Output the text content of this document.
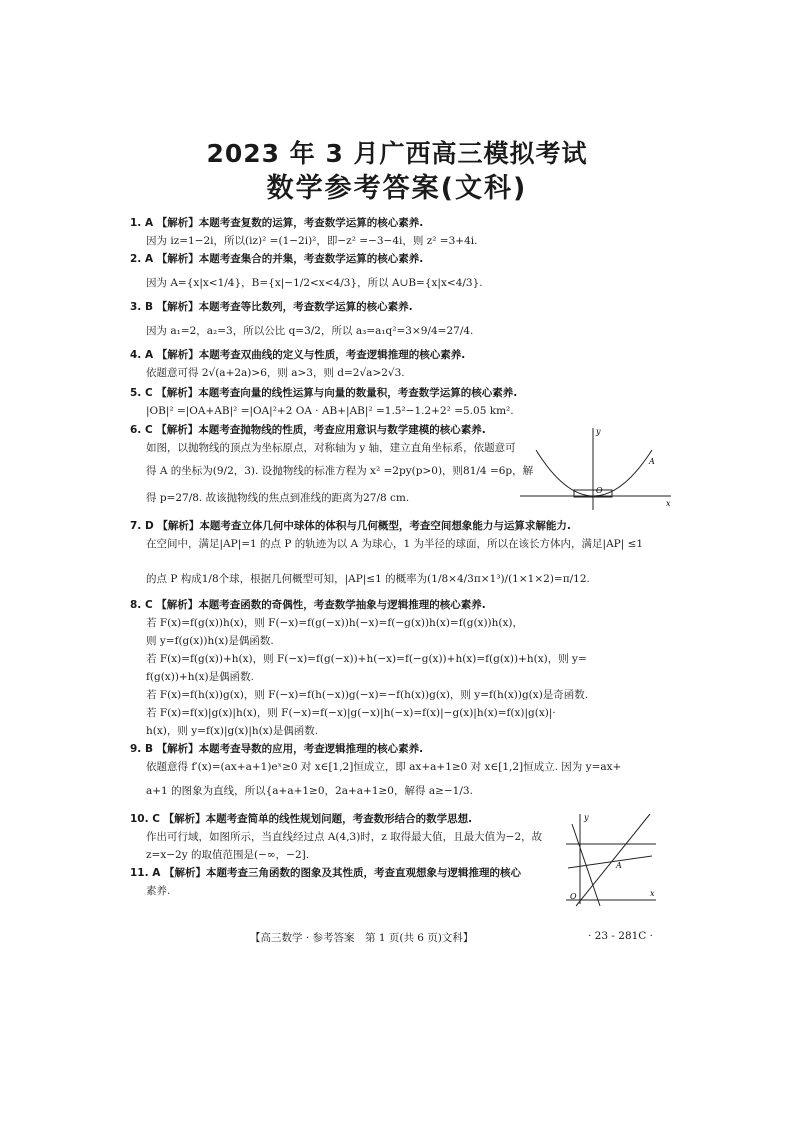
2023 年 3 月广西高三模拟考试
数学参考答案(文科)
1. A 【解析】本题考查复数的运算，考查数学运算的核心素养.
因为 iz=1−2i，所以(iz)² =(1−2i)²，即−z² =−3−4i，则 z² =3+4i.
2. A 【解析】本题考查集合的并集，考查数学运算的核心素养.
因为 A={x|x<1/4}，B={x|−1/2<x<4/3}，所以 A∪B={x|x<4/3}.
3. B 【解析】本题考查等比数列，考查数学运算的核心素养.
因为 a₁=2，a₂=3，所以公比 q=3/2，所以 a₃=a₁q²=3×9/4=27/4.
4. A 【解析】本题考查双曲线的定义与性质，考查逻辑推理的核心素养.
依题意可得 2√(a+2a)>6，则 a>3，则 d=2√a>2√3.
5. C 【解析】本题考查向量的线性运算与向量的数量积，考查数学运算的核心素养.
|OB|² =|OA+AB|² =|OA|²+2 OA · AB+|AB|² =1.5²−1.2+2² =5.05 km².
6. C 【解析】本题考查抛物线的性质，考查应用意识与数学建模的核心素养.
如图，以抛物线的顶点为坐标原点，对称轴为 y 轴，建立直角坐标系，依题意可
得 A 的坐标为(9/2，3). 设抛物线的标准方程为 x² =2py(p>0)，则81/4 =6p，解
得 p=27/8. 故该抛物线的焦点到准线的距离为27/8 cm.
y
x
O
A
7. D 【解析】本题考查立体几何中球体的体积与几何概型，考查空间想象能力与运算求解能力.
在空间中，满足|AP|=1 的点 P 的轨迹为以 A 为球心，1 为半径的球面，所以在该长方体内，满足|AP| ≤1
的点 P 构成1/8个球，根据几何概型可知，|AP|≤1 的概率为(1/8×4/3π×1³)/(1×1×2)=π/12.
8. C 【解析】本题考查函数的奇偶性，考查数学抽象与逻辑推理的核心素养.
若 F(x)=f(g(x))h(x)，则 F(−x)=f(g(−x))h(−x)=f(−g(x))h(x)=f(g(x))h(x)，
则 y=f(g(x))h(x)是偶函数.
若 F(x)=f(g(x))+h(x)，则 F(−x)=f(g(−x))+h(−x)=f(−g(x))+h(x)=f(g(x))+h(x)，则 y=
f(g(x))+h(x)是偶函数.
若 F(x)=f(h(x))g(x)，则 F(−x)=f(h(−x))g(−x)=−f(h(x))g(x)，则 y=f(h(x))g(x)是奇函数.
若 F(x)=f(x)|g(x)|h(x)，则 F(−x)=f(−x)|g(−x)|h(−x)=f(x)|−g(x)|h(x)=f(x)|g(x)|·
h(x)，则 y=f(x)|g(x)|h(x)是偶函数.
9. B 【解析】本题考查导数的应用，考查逻辑推理的核心素养.
依题意得 f′(x)=(ax+a+1)eˣ≥0 对 x∈[1,2]恒成立，即 ax+a+1≥0 对 x∈[1,2]恒成立. 因为 y=ax+
a+1 的图象为直线，所以{a+a+1≥0，2a+a+1≥0，解得 a≥−1/3.
10. C 【解析】本题考查简单的线性规划问题，考查数形结合的数学思想.
作出可行域，如图所示，当直线经过点 A(4,3)时，z 取得最大值，且最大值为−2，故
z=x−2y 的取值范围是(−∞，−2].
11. A 【解析】本题考查三角函数的图象及其性质，考查直观想象与逻辑推理的核心
素养.
y
x
O
A
【高三数学 · 参考答案　第 1 页(共 6 页)文科】	· 23 - 281C ·
